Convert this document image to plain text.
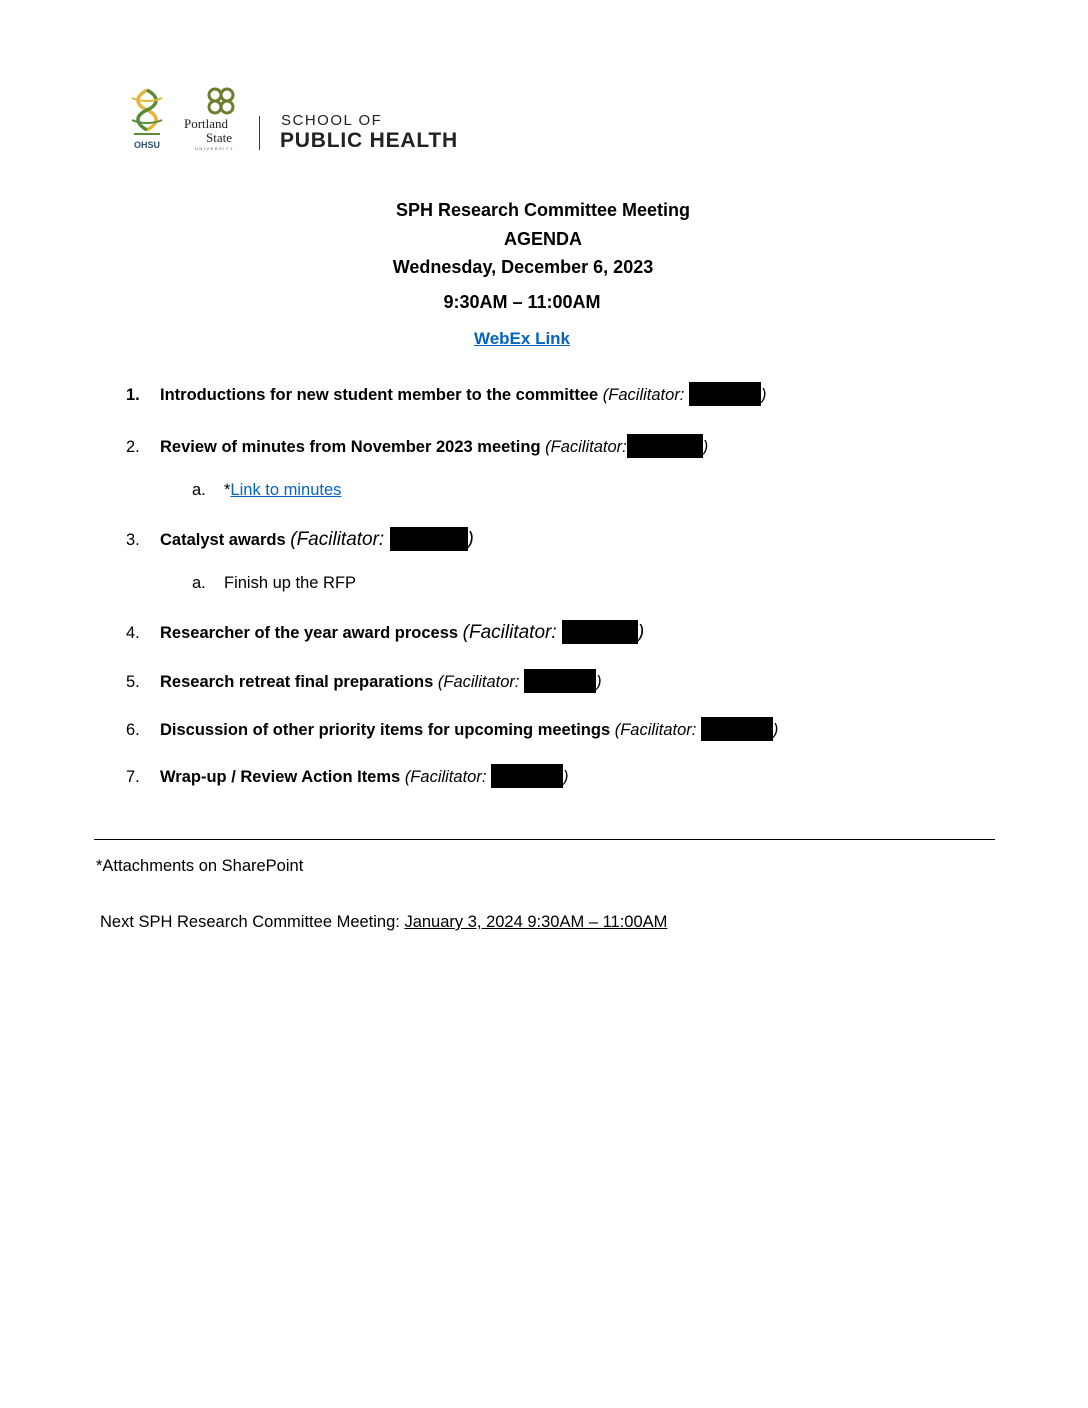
OHSU
Portland
State
UNIVERSITY
SCHOOL OF
PUBLIC HEALTH
SPH Research Committee Meeting
AGENDA
Wednesday, December 6, 2023
9:30AM – 11:00AM
WebEx Link
1. Introductions for new student member to the committee (Facilitator:	)
2. Review of minutes from November 2023 meeting (Facilitator:	)
a. *Link to minutes
3. Catalyst awards (Facilitator:	)
a. Finish up the RFP
4. Researcher of the year award process (Facilitator:	)
5. Research retreat final preparations (Facilitator:	)
6. Discussion of other priority items for upcoming meetings (Facilitator:	)
7. Wrap-up / Review Action Items (Facilitator:	)
*Attachments on SharePoint
Next SPH Research Committee Meeting: January 3, 2024 9:30AM – 11:00AM
